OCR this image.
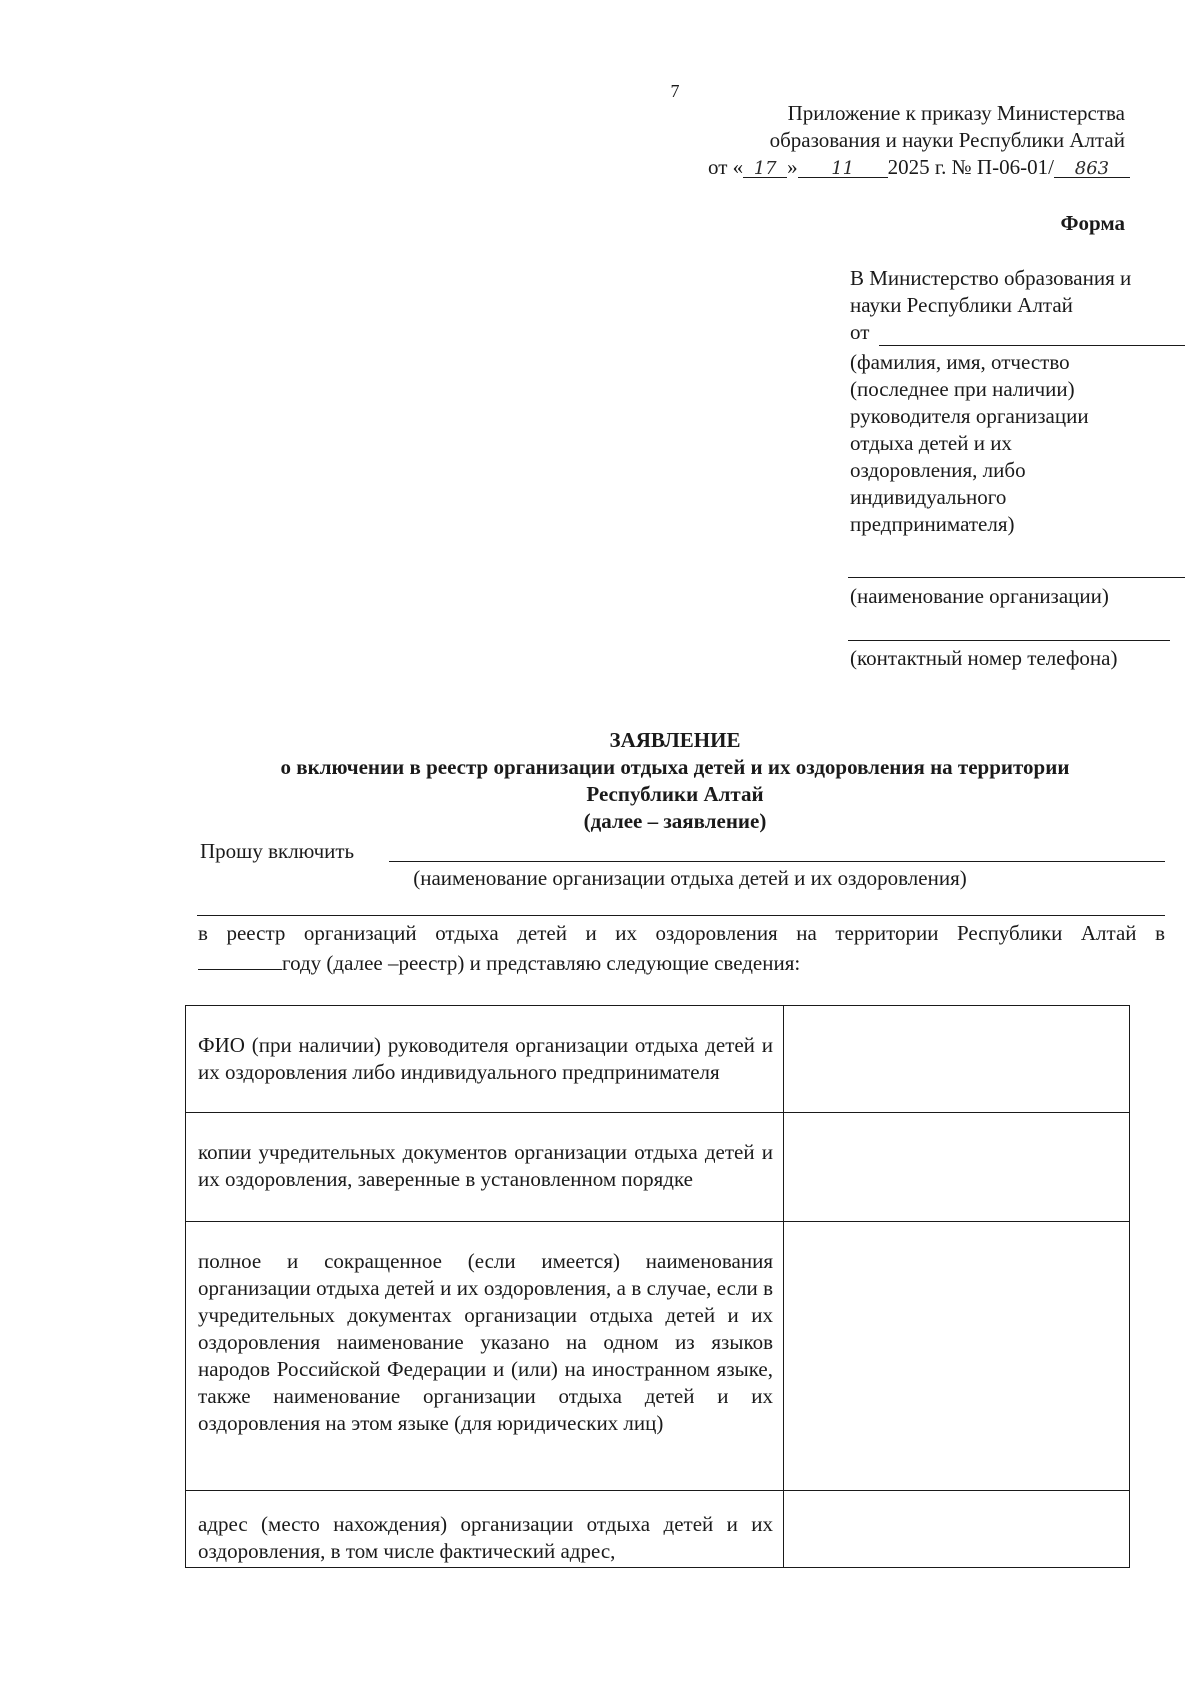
7
Приложение к приказу Министерства
образования и науки Республики Алтай
от « 17 » 11 2025 г. № П-06-01/ 863
Форма
В Министерство образования и
науки Республики Алтай
от
(фамилия, имя, отчество
(последнее при наличии)
руководителя организации
отдыха детей и их
оздоровления, либо
индивидуального
предпринимателя)
(наименование организации)
(контактный номер телефона)
ЗАЯВЛЕНИЕ
о включении в реестр организации отдыха детей и их оздоровления на территории
Республики Алтай
(далее – заявление)
Прошу включить
(наименование организации отдыха детей и их оздоровления)
в реестр организаций отдыха детей и их оздоровления на территории Республики Алтай в
году (далее –реестр) и представляю следующие сведения:
ФИО (при наличии) руководителя организации отдыха детей и их оздоровления либо индивидуального предпринимателя	

копии учредительных документов организации отдыха детей и их оздоровления, заверенные в установленном порядке	

полное и сокращенное (если имеется) наименования организации отдыха детей и их оздоровления, а в случае, если в учредительных документах организации отдыха детей и их оздоровления наименование указано на одном из языков народов Российской Федерации и (или) на иностранном языке, также наименование организации отдыха детей и их оздоровления на этом языке (для юридических лиц)	

адрес (место нахождения) организации отдыха детей и их оздоровления, в том числе фактический адрес,	
